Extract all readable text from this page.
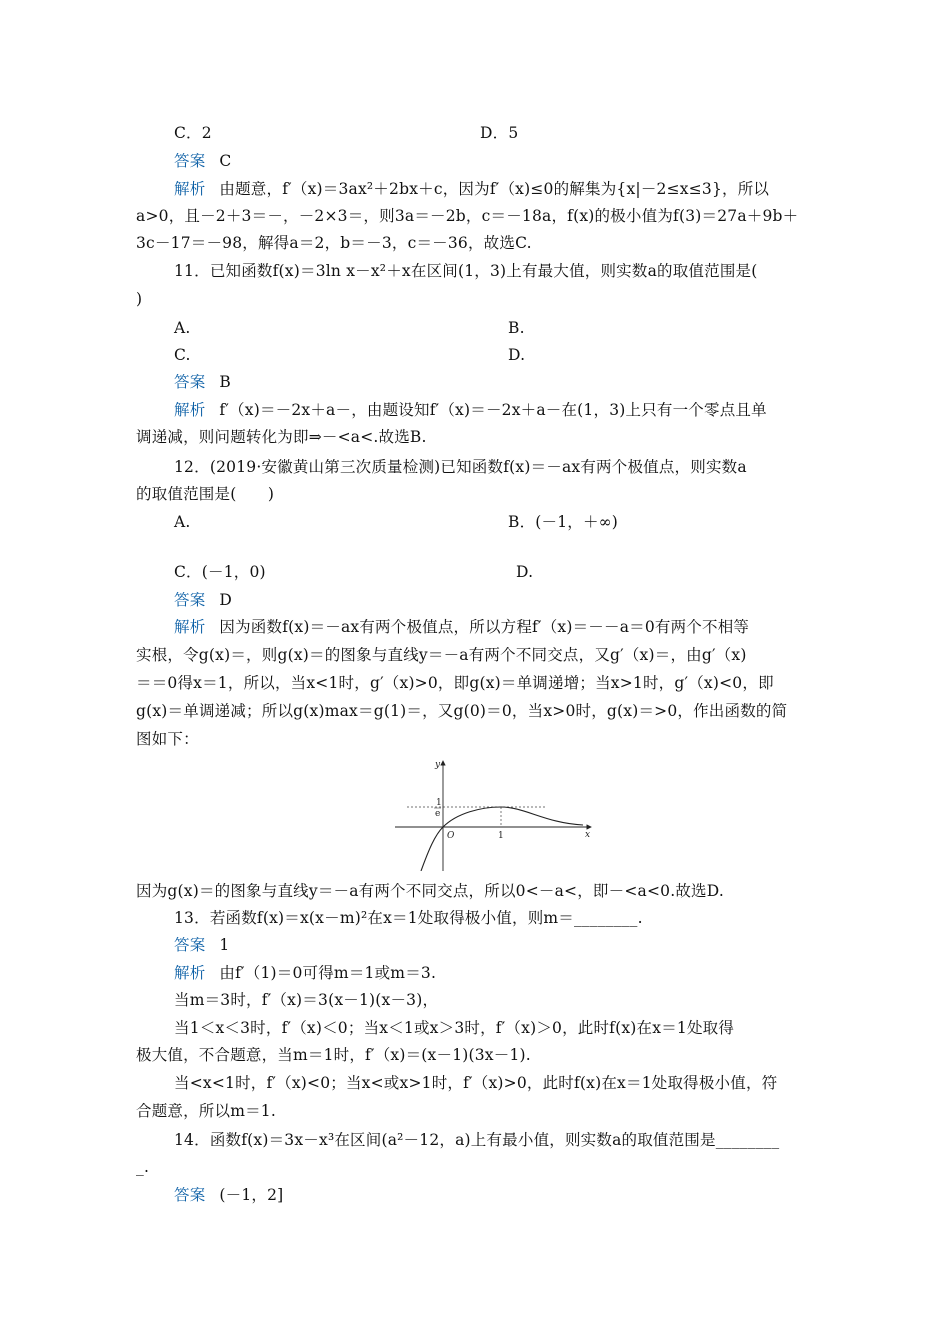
C．2	D．5
答案 C
解析 由题意，f′（x)＝3ax²＋2bx＋c，因为f′（x)≤0的解集为{x|－2≤x≤3}，所以
a>0，且－2＋3＝－，－2×3＝，则3a＝－2b，c＝－18a，f(x)的极小值为f(3)＝27a＋9b＋
3c－17＝－98，解得a＝2，b＝－3，c＝－36，故选C.
11．已知函数f(x)＝3ln x－x²＋x在区间(1，3)上有最大值，则实数a的取值范围是(
)
A.	B.
C.	D.
答案 B
解析 f′（x)＝－2x＋a－，由题设知f′（x)＝－2x＋a－在(1，3)上只有一个零点且单
调递减，则问题转化为即⇒－<a<.故选B.
12．(2019·安徽黄山第三次质量检测)已知函数f(x)＝－ax有两个极值点，则实数a
的取值范围是(　　)
A.	B．(－1，＋∞)
C．(－1，0)	D.
答案 D
解析 因为函数f(x)＝－ax有两个极值点，所以方程f′（x)＝－－a＝0有两个不相等
实根，令g(x)＝，则g(x)＝的图象与直线y＝－a有两个不同交点，又g′（x)＝，由g′（x)
＝＝0得x＝1，所以，当x<1时，g′（x)>0，即g(x)＝单调递增；当x>1时，g′（x)<0，即
g(x)＝单调递减；所以g(x)max＝g(1)＝，又g(0)＝0，当x>0时，g(x)＝>0，作出函数的简
图如下：
y
x
O	1
1
e
因为g(x)＝的图象与直线y＝－a有两个不同交点，所以0<－a<，即－<a<0.故选D.
13．若函数f(x)＝x(x－m)²在x＝1处取得极小值，则m＝________.
答案 1
解析 由f′（1)＝0可得m＝1或m＝3.
当m＝3时，f′（x)＝3(x－1)(x－3)，
当1＜x＜3时，f′（x)＜0；当x＜1或x＞3时，f′（x)＞0，此时f(x)在x＝1处取得
极大值，不合题意，当m＝1时，f′（x)＝(x－1)(3x－1).
当<x<1时，f′（x)<0；当x<或x>1时，f′（x)>0，此时f(x)在x＝1处取得极小值，符
合题意，所以m＝1.
14．函数f(x)＝3x－x³在区间(a²－12，a)上有最小值，则实数a的取值范围是________
_.
答案 (－1，2]
